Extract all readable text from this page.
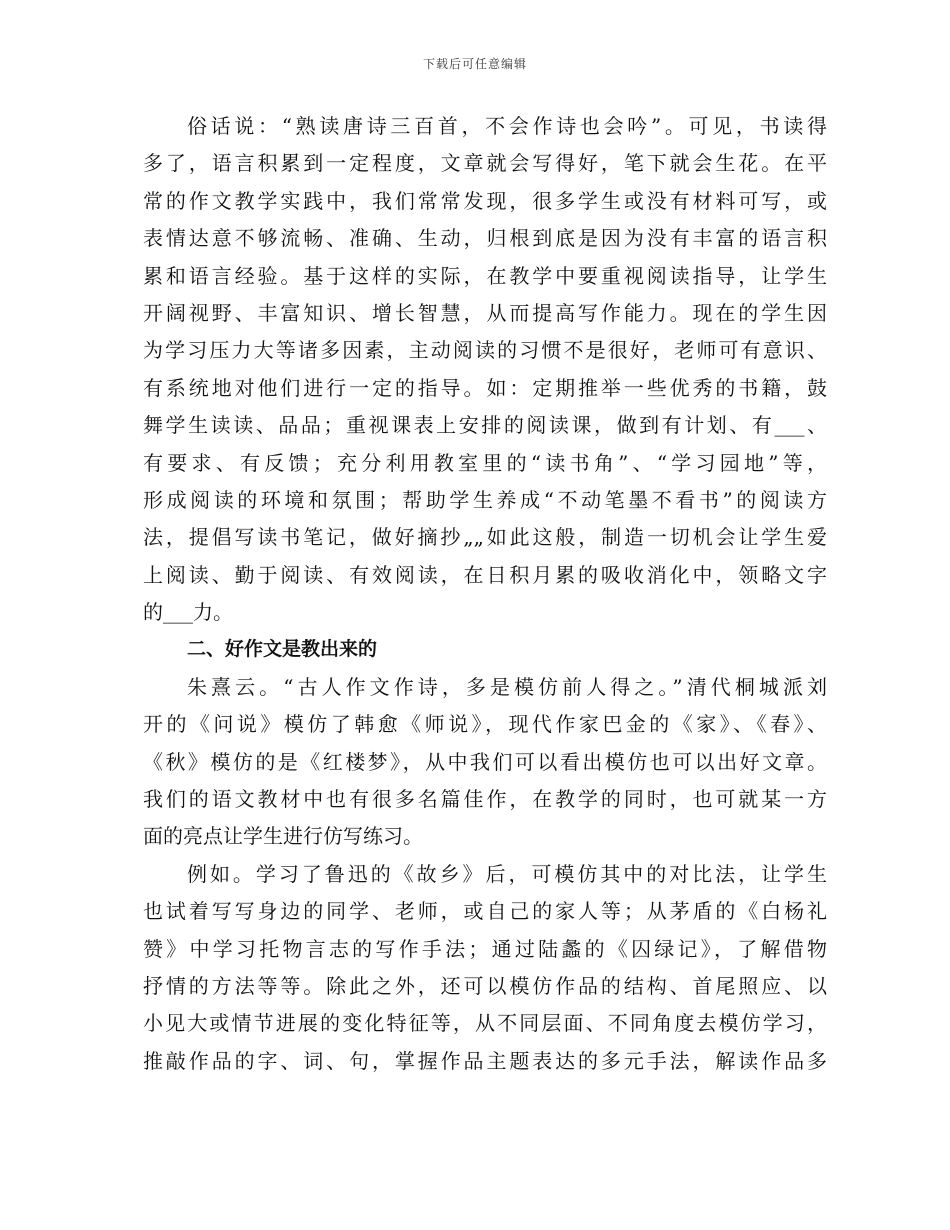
下载后可任意编辑
俗话说：“熟读唐诗三百首，不会作诗也会吟”。可见，书读得
多了，语言积累到一定程度，文章就会写得好，笔下就会生花。在平
常的作文教学实践中，我们常常发现，很多学生或没有材料可写，或
表情达意不够流畅、准确、生动，归根到底是因为没有丰富的语言积
累和语言经验。基于这样的实际，在教学中要重视阅读指导，让学生
开阔视野、丰富知识、增长智慧，从而提高写作能力。现在的学生因
为学习压力大等诸多因素，主动阅读的习惯不是很好，老师可有意识、
有系统地对他们进行一定的指导。如：定期推举一些优秀的书籍，鼓
舞学生读读、品品；重视课表上安排的阅读课，做到有计划、有___、
有要求、有反馈；充分利用教室里的“读书角”、“学习园地”等，
形成阅读的环境和氛围；帮助学生养成“不动笔墨不看书”的阅读方
法，提倡写读书笔记，做好摘抄„„如此这般，制造一切机会让学生爱
上阅读、勤于阅读、有效阅读，在日积月累的吸收消化中，领略文字
的___力。
二、好作文是教出来的
朱熹云。“古人作文作诗，多是模仿前人得之。”清代桐城派刘
开的《问说》模仿了韩愈《师说》，现代作家巴金的《家》、《春》、
《秋》模仿的是《红楼梦》，从中我们可以看出模仿也可以出好文章。
我们的语文教材中也有很多名篇佳作，在教学的同时，也可就某一方
面的亮点让学生进行仿写练习。
例如。学习了鲁迅的《故乡》后，可模仿其中的对比法，让学生
也试着写写身边的同学、老师，或自己的家人等；从茅盾的《白杨礼
赞》中学习托物言志的写作手法；通过陆蠡的《囚绿记》，了解借物
抒情的方法等等。除此之外，还可以模仿作品的结构、首尾照应、以
小见大或情节进展的变化特征等，从不同层面、不同角度去模仿学习，
推敲作品的字、词、句，掌握作品主题表达的多元手法，解读作品多
